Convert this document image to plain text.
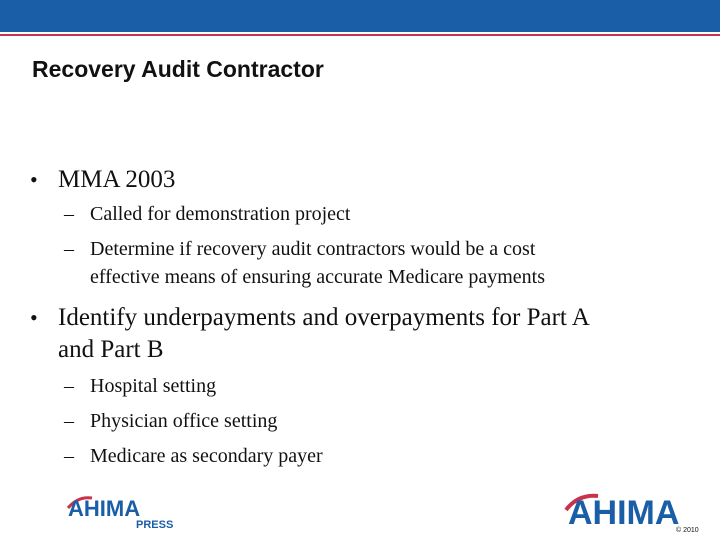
Recovery Audit Contractor
• MMA 2003
– Called for demonstration project
– Determine if recovery audit contractors would be a cost
effective means of ensuring accurate Medicare payments
• Identify underpayments and overpayments for Part A
and Part B
– Hospital setting
– Physician office setting
– Medicare as secondary payer
AHIMA
PRESS	AHIMA
© 2010
